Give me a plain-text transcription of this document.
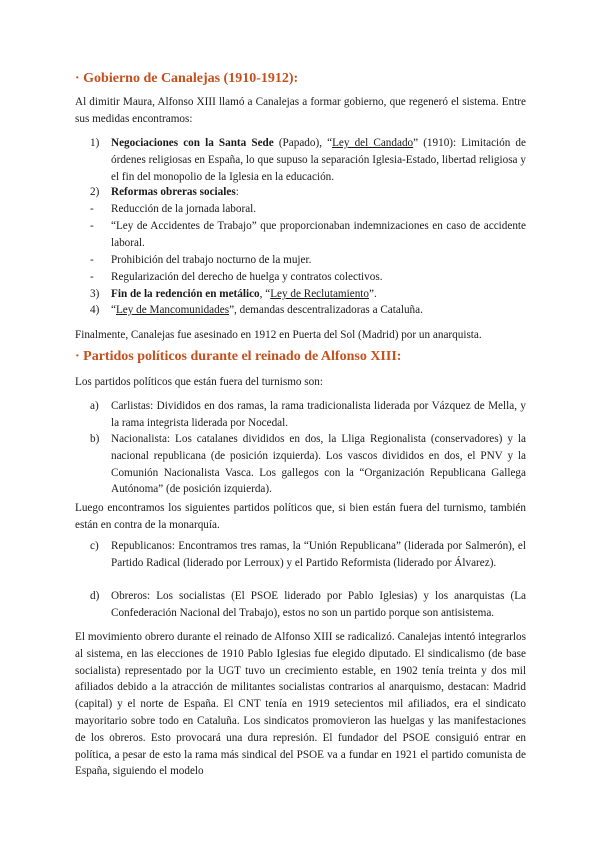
· Gobierno de Canalejas (1910-1912):

Al dimitir Maura, Alfonso XIII llamó a Canalejas a formar gobierno, que regeneró el sistema. Entre sus medidas encontramos:

1) Negociaciones con la Santa Sede (Papado), “Ley del Candado” (1910): Limitación de órdenes religiosas en España, lo que supuso la separación Iglesia-Estado, libertad religiosa y el fin del monopolio de la Iglesia en la educación.
2) Reformas obreras sociales:
- Reducción de la jornada laboral.
- “Ley de Accidentes de Trabajo” que proporcionaban indemnizaciones en caso de accidente laboral.
- Prohibición del trabajo nocturno de la mujer.
- Regularización del derecho de huelga y contratos colectivos.
3) Fin de la redención en metálico, “Ley de Reclutamiento”.
4) “Ley de Mancomunidades”, demandas descentralizadoras a Cataluña.

Finalmente, Canalejas fue asesinado en 1912 en Puerta del Sol (Madrid) por un anarquista.

· Partidos políticos durante el reinado de Alfonso XIII:

Los partidos políticos que están fuera del turnismo son:

a) Carlistas: Divididos en dos ramas, la rama tradicionalista liderada por Vázquez de Mella, y la rama integrista liderada por Nocedal.
b) Nacionalista: Los catalanes divididos en dos, la Lliga Regionalista (conservadores) y la nacional republicana (de posición izquierda). Los vascos divididos en dos, el PNV y la Comunión Nacionalista Vasca. Los gallegos con la “Organización Republicana Gallega Autónoma” (de posición izquierda).

Luego encontramos los siguientes partidos políticos que, si bien están fuera del turnismo, también están en contra de la monarquía.

c) Republicanos: Encontramos tres ramas, la “Unión Republicana” (liderada por Salmerón), el Partido Radical (liderado por Lerroux) y el Partido Reformista (liderado por Álvarez).
d) Obreros: Los socialistas (El PSOE liderado por Pablo Iglesias) y los anarquistas (La Confederación Nacional del Trabajo), estos no son un partido porque son antisistema.

El movimiento obrero durante el reinado de Alfonso XIII se radicalizó. Canalejas intentó integrarlos al sistema, en las elecciones de 1910 Pablo Iglesias fue elegido diputado. El sindicalismo (de base socialista) representado por la UGT tuvo un crecimiento estable, en 1902 tenía treinta y dos mil afiliados debido a la atracción de militantes socialistas contrarios al anarquismo, destacan: Madrid (capital) y el norte de España. El CNT tenía en 1919 setecientos mil afiliados, era el sindicato mayoritario sobre todo en Cataluña. Los sindicatos promovieron las huelgas y las manifestaciones de los obreros. Esto provocará una dura represión. El fundador del PSOE consiguió entrar en política, a pesar de esto la rama más sindical del PSOE va a fundar en 1921 el partido comunista de España, siguiendo el modelo
